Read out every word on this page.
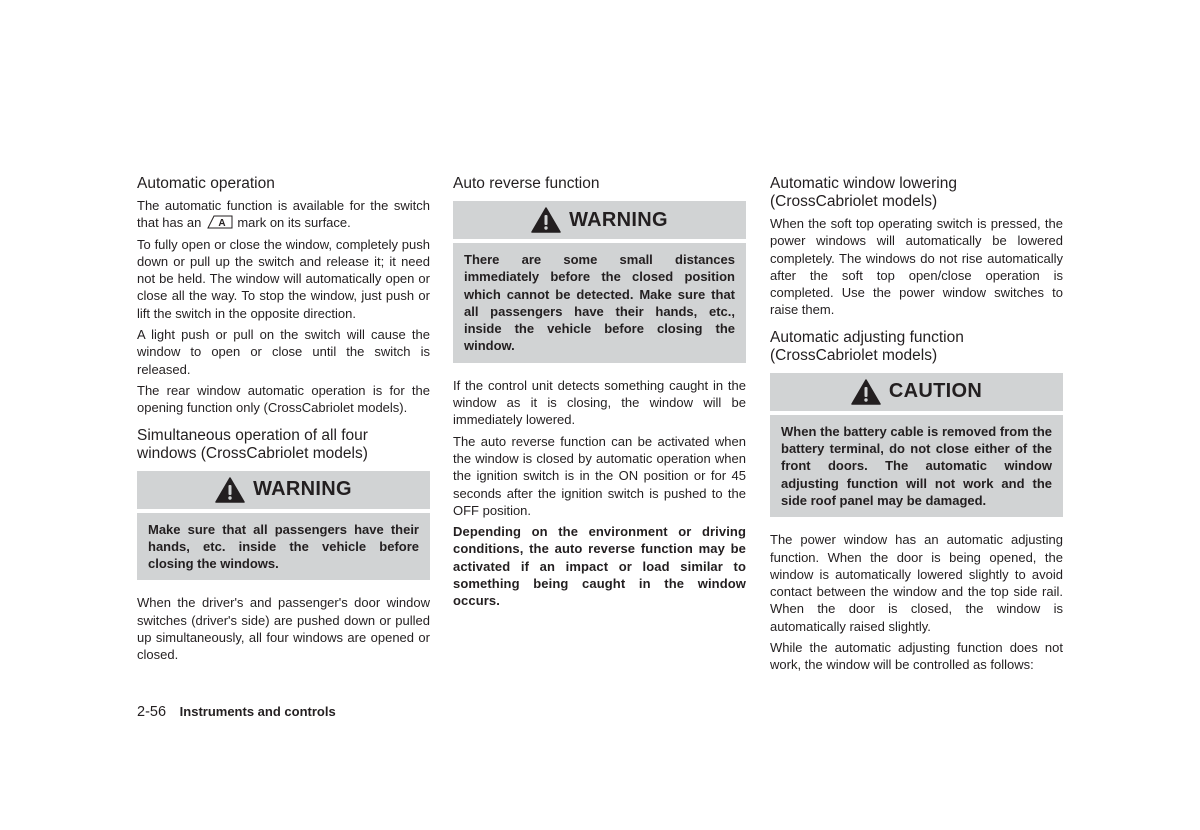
Automatic operation

The automatic function is available for the switch that has an A mark on its surface.

To fully open or close the window, completely push down or pull up the switch and release it; it need not be held. The window will automatically open or close all the way. To stop the window, just push or lift the switch in the opposite direction.

A light push or pull on the switch will cause the window to open or close until the switch is released.

The rear window automatic operation is for the opening function only (CrossCabriolet models).

Simultaneous operation of all four windows (CrossCabriolet models)
WARNING
Make sure that all passengers have their hands, etc. inside the vehicle before closing the windows.

When the driver's and passenger's door window switches (driver's side) are pushed down or pulled up simultaneously, all four windows are opened or closed.

Auto reverse function
WARNING
There are some small distances immediately before the closed position which cannot be detected. Make sure that all passengers have their hands, etc., inside the vehicle before closing the window.

If the control unit detects something caught in the window as it is closing, the window will be immediately lowered.

The auto reverse function can be activated when the window is closed by automatic operation when the ignition switch is in the ON position or for 45 seconds after the ignition switch is pushed to the OFF position.

Depending on the environment or driving conditions, the auto reverse function may be activated if an impact or load similar to something being caught in the window occurs.

Automatic window lowering (CrossCabriolet models)

When the soft top operating switch is pressed, the power windows will automatically be lowered completely. The windows do not rise automatically after the soft top open/close operation is completed. Use the power window switches to raise them.

Automatic adjusting function (CrossCabriolet models)
CAUTION
When the battery cable is removed from the battery terminal, do not close either of the front doors. The automatic window adjusting function will not work and the side roof panel may be damaged.

The power window has an automatic adjusting function. When the door is being opened, the window is automatically lowered slightly to avoid contact between the window and the top side rail. When the door is closed, the window is automatically raised slightly.

While the automatic adjusting function does not work, the window will be controlled as follows:

2-56 Instruments and controls
